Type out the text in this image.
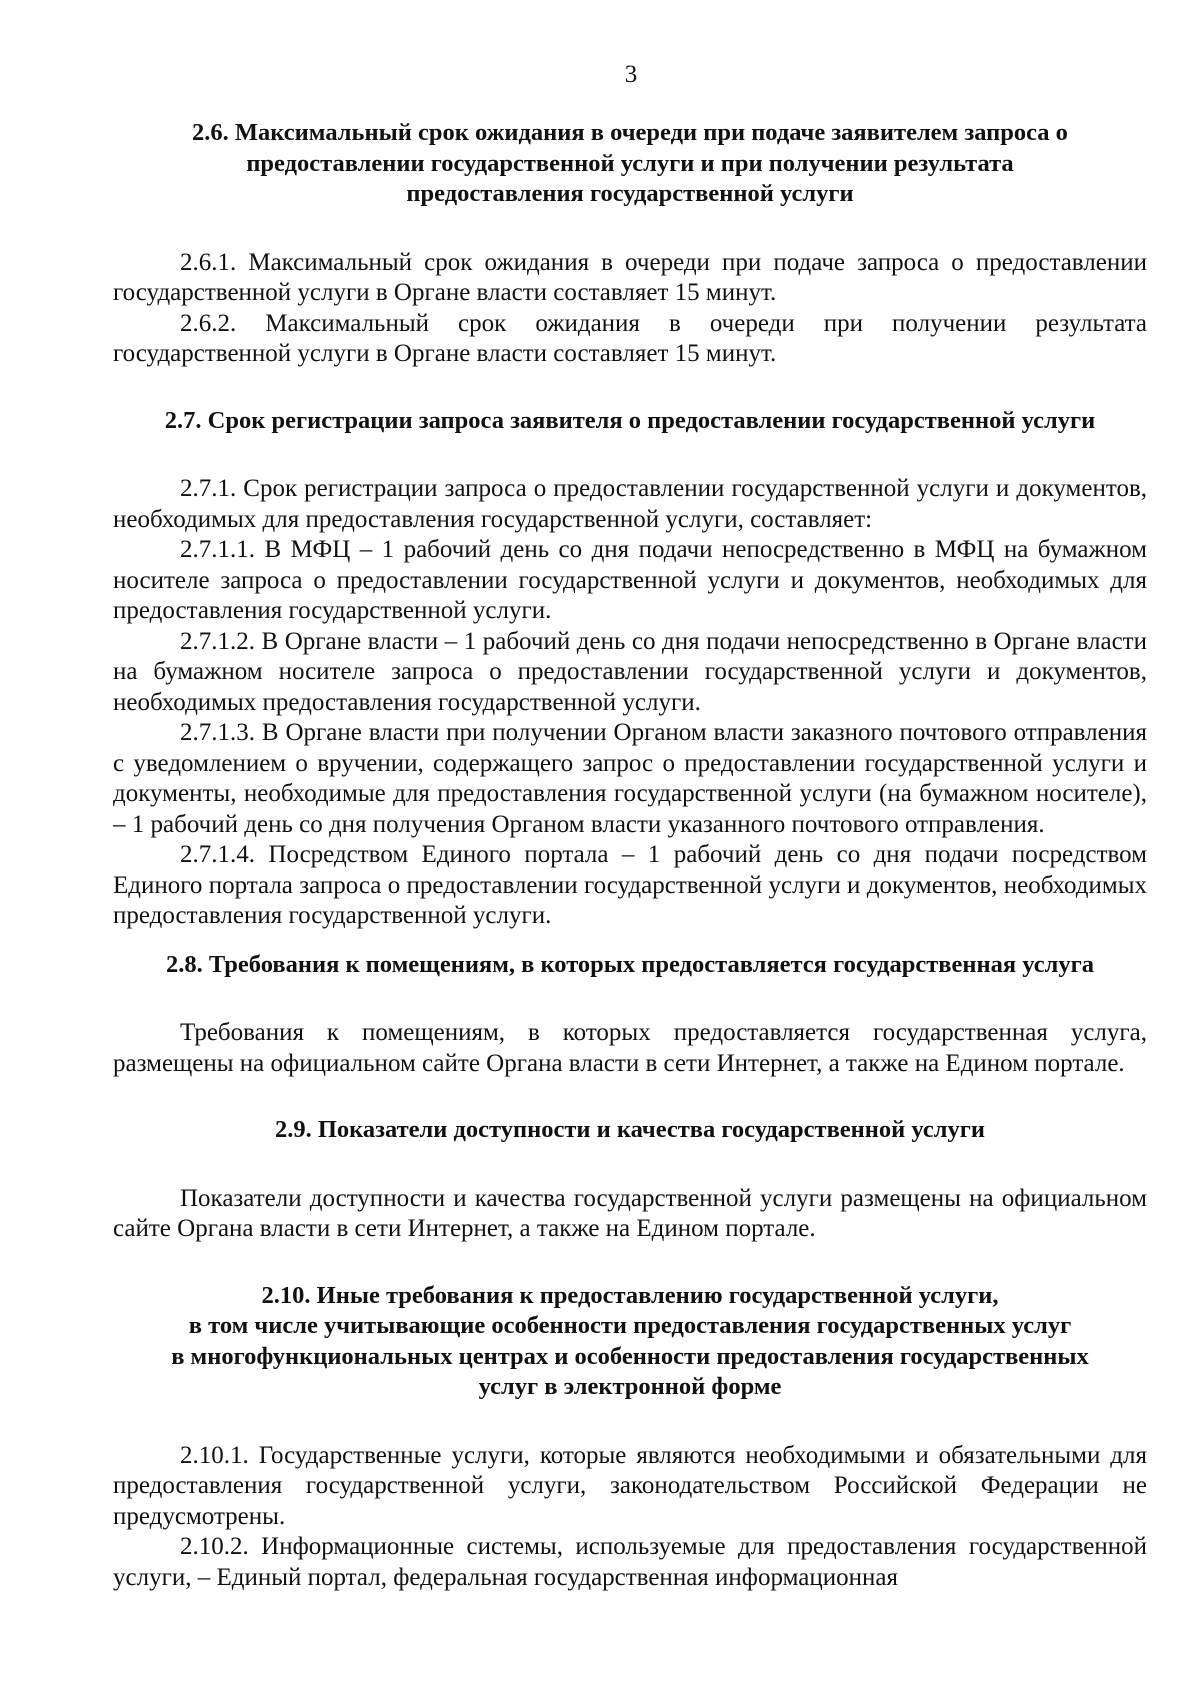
3

2.6. Максимальный срок ожидания в очереди при подаче заявителем запроса о предоставлении государственной услуги и при получении результата предоставления государственной услуги

2.6.1. Максимальный срок ожидания в очереди при подаче запроса о предоставлении государственной услуги в Органе власти составляет 15 минут.

2.6.2. Максимальный срок ожидания в очереди при получении результата государственной услуги в Органе власти составляет 15 минут.

2.7. Срок регистрации запроса заявителя о предоставлении государственной услуги

2.7.1. Срок регистрации запроса о предоставлении государственной услуги и документов, необходимых для предоставления государственной услуги, составляет:

2.7.1.1. В МФЦ – 1 рабочий день со дня подачи непосредственно в МФЦ на бумажном носителе запроса о предоставлении государственной услуги и документов, необходимых для предоставления государственной услуги.

2.7.1.2. В Органе власти – 1 рабочий день со дня подачи непосредственно в Органе власти на бумажном носителе запроса о предоставлении государственной услуги и документов, необходимых предоставления государственной услуги.

2.7.1.3. В Органе власти при получении Органом власти заказного почтового отправления с уведомлением о вручении, содержащего запрос о предоставлении государственной услуги и документы, необходимые для предоставления государственной услуги (на бумажном носителе), – 1 рабочий день со дня получения Органом власти указанного почтового отправления.

2.7.1.4. Посредством Единого портала – 1 рабочий день со дня подачи посредством Единого портала запроса о предоставлении государственной услуги и документов, необходимых предоставления государственной услуги.

2.8. Требования к помещениям, в которых предоставляется государственная услуга

Требования к помещениям, в которых предоставляется государственная услуга, размещены на официальном сайте Органа власти в сети Интернет, а также на Едином портале.

2.9. Показатели доступности и качества государственной услуги

Показатели доступности и качества государственной услуги размещены на официальном сайте Органа власти в сети Интернет, а также на Едином портале.

2.10. Иные требования к предоставлению государственной услуги,

в том числе учитывающие особенности предоставления государственных услуг

в многофункциональных центрах и особенности предоставления государственных

услуг в электронной форме

2.10.1. Государственные услуги, которые являются необходимыми и обязательными для предоставления государственной услуги, законодательством Российской Федерации не предусмотрены.

2.10.2. Информационные системы, используемые для предоставления государственной услуги, – Единый портал, федеральная государственная информационная
